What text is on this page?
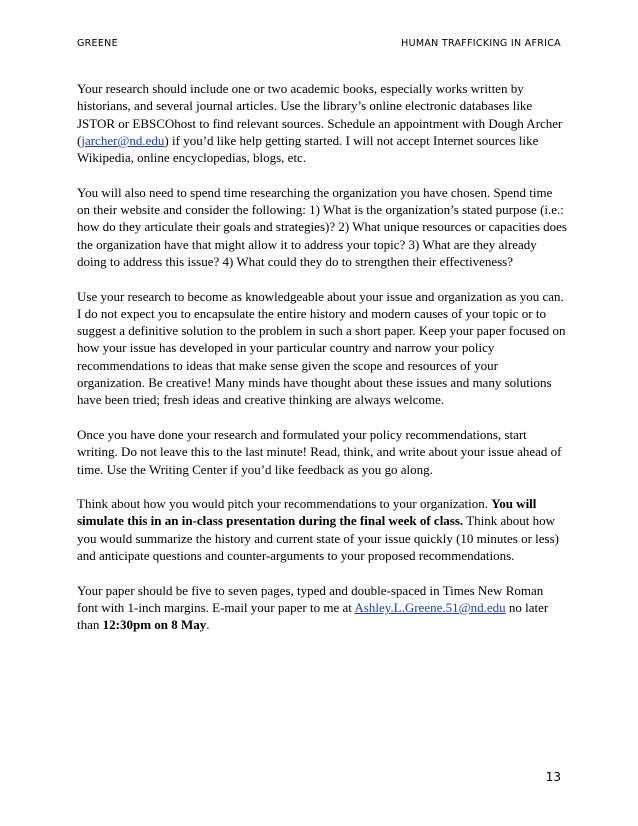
GREENE	HUMAN TRAFFICKING IN AFRICA

Your research should include one or two academic books, especially works written by historians, and several journal articles. Use the library’s online electronic databases like JSTOR or EBSCOhost to find relevant sources. Schedule an appointment with Dough Archer (jarcher@nd.edu) if you’d like help getting started. I will not accept Internet sources like Wikipedia, online encyclopedias, blogs, etc.

You will also need to spend time researching the organization you have chosen. Spend time on their website and consider the following: 1) What is the organization’s stated purpose (i.e.: how do they articulate their goals and strategies)? 2) What unique resources or capacities does the organization have that might allow it to address your topic? 3) What are they already doing to address this issue? 4) What could they do to strengthen their effectiveness?

Use your research to become as knowledgeable about your issue and organization as you can. I do not expect you to encapsulate the entire history and modern causes of your topic or to suggest a definitive solution to the problem in such a short paper. Keep your paper focused on how your issue has developed in your particular country and narrow your policy recommendations to ideas that make sense given the scope and resources of your organization. Be creative! Many minds have thought about these issues and many solutions have been tried; fresh ideas and creative thinking are always welcome.

Once you have done your research and formulated your policy recommendations, start writing. Do not leave this to the last minute! Read, think, and write about your issue ahead of time. Use the Writing Center if you’d like feedback as you go along.

Think about how you would pitch your recommendations to your organization. You will simulate this in an in-class presentation during the final week of class. Think about how you would summarize the history and current state of your issue quickly (10 minutes or less) and anticipate questions and counter-arguments to your proposed recommendations.

Your paper should be five to seven pages, typed and double-spaced in Times New Roman font with 1-inch margins. E-mail your paper to me at Ashley.L.Greene.51@nd.edu no later than 12:30pm on 8 May.

13
